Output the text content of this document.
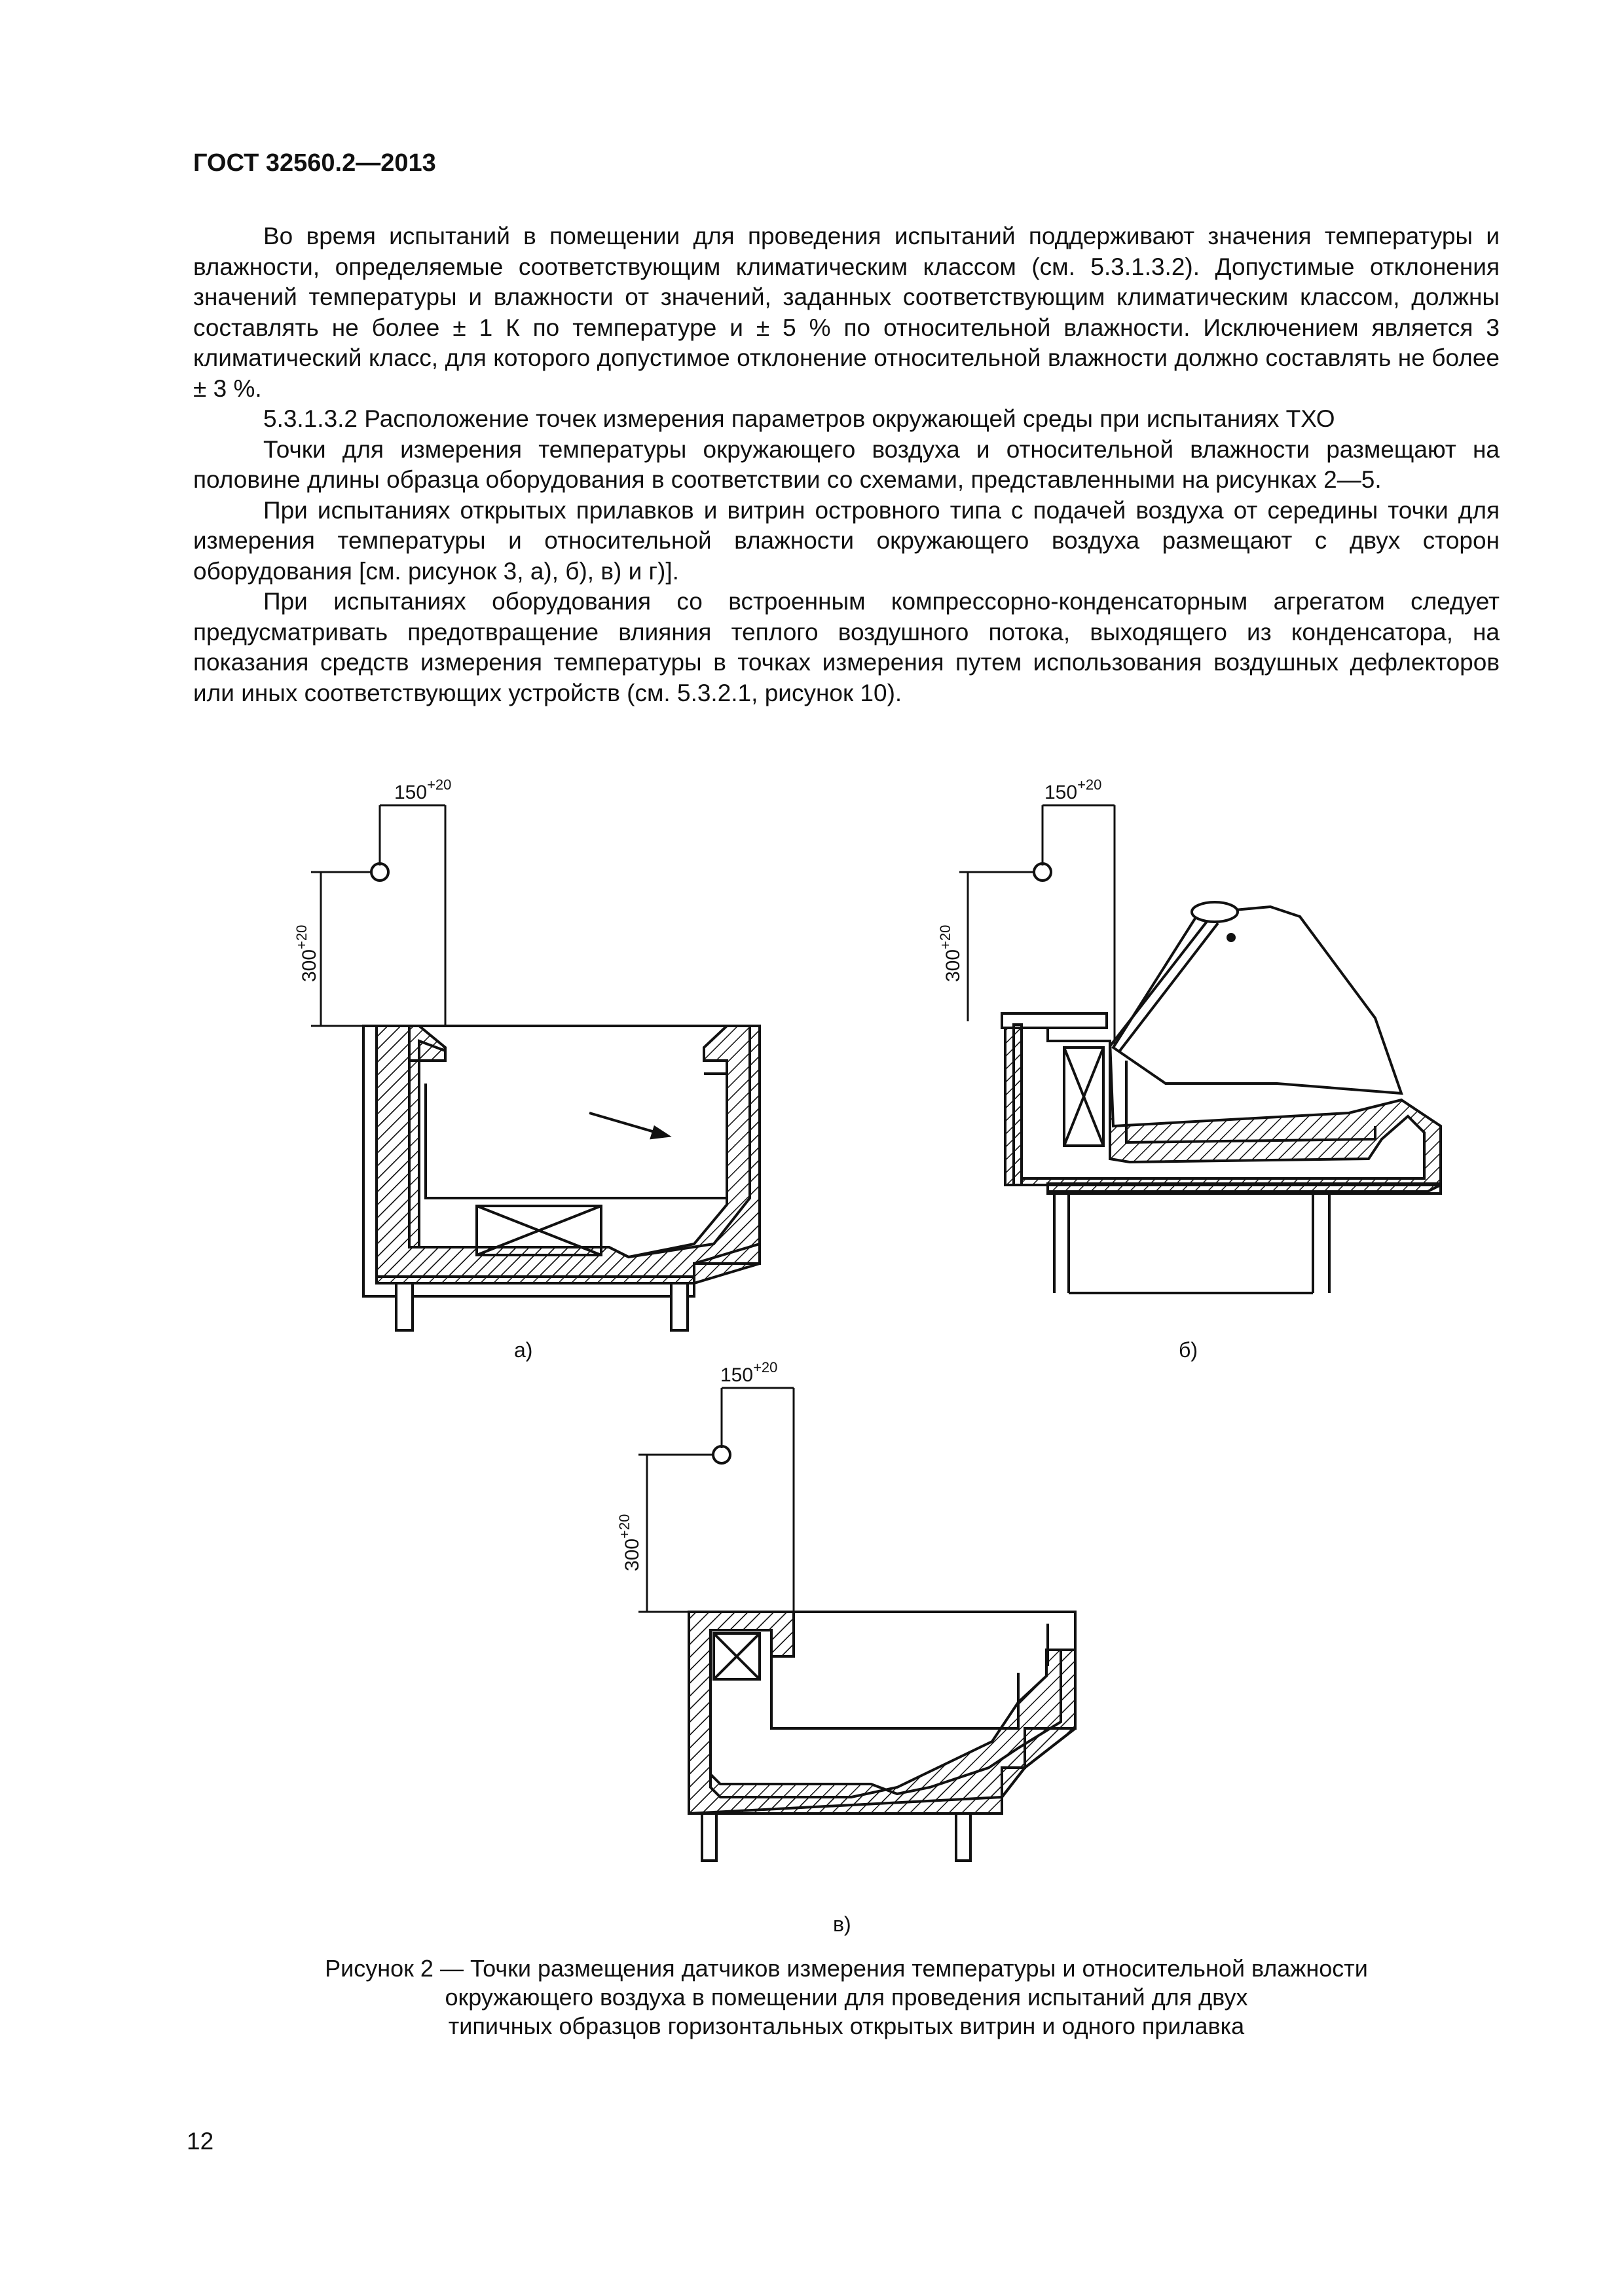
ГОСТ 32560.2—2013

Во время испытаний в помещении для проведения испытаний поддерживают значения температуры и влажности, определяемые соответствующим климатическим классом (см. 5.3.1.3.2). Допустимые отклонения значений температуры и влажности от значений, заданных соответствующим климатическим классом, должны составлять не более ± 1 К по температуре и ± 5 % по относительной влажности. Исключением является 3 климатический класс, для которого допустимое отклонение относительной влажности должно составлять не более ± 3 %.

5.3.1.3.2 Расположение точек измерения параметров окружающей среды при испытаниях ТХО

Точки для измерения температуры окружающего воздуха и относительной влажности размещают на половине длины образца оборудования в соответствии со схемами, представленными на рисунках 2—5.

При испытаниях открытых прилавков и витрин островного типа с подачей воздуха от середины точки для измерения температуры и относительной влажности окружающего воздуха размещают с двух сторон оборудования [см. рисунок 3, а), б), в) и г)].

При испытаниях оборудования со встроенным компрессорно-конденсаторным агрегатом следует предусматривать предотвращение влияния теплого воздушного потока, выходящего из конденсатора, на показания средств измерения температуры в точках измерения путем использования воздушных дефлекторов или иных соответствующих устройств (см. 5.3.2.1, рисунок 10).

$150^{+20}$
$300^{+20}$
а)
$150^{+20}$
$300^{+20}$
б)
$150^{+20}$
$300^{+20}$
в)
Рисунок 2 — Точки размещения датчиков измерения температуры и относительной влажности
окружающего воздуха в помещении для проведения испытаний для двух
типичных образцов горизонтальных открытых витрин и одного прилавка
12
